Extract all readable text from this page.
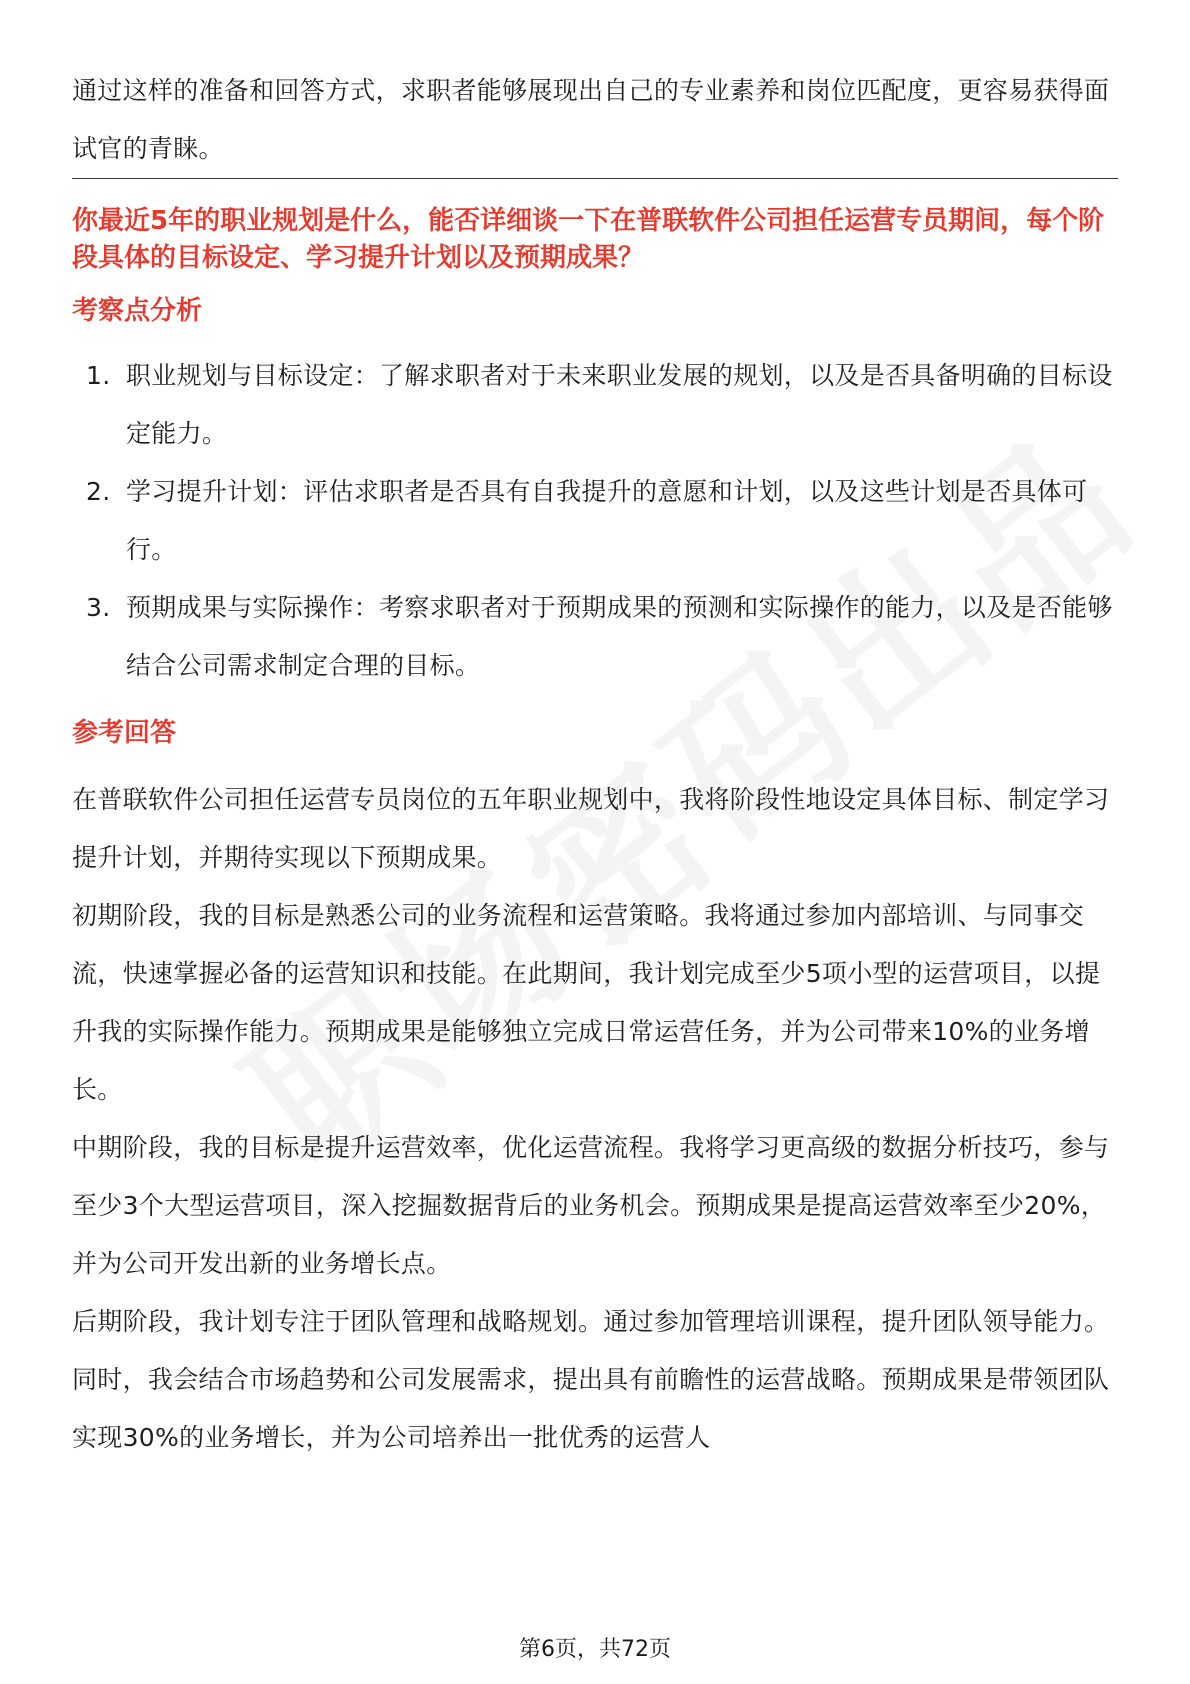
通过这样的准备和回答方式，求职者能够展现出自己的专业素养和岗位匹配度，更容易获得面试官的青睐。

你最近5年的职业规划是什么，能否详细谈一下在普联软件公司担任运营专员期间，每个阶段具体的目标设定、学习提升计划以及预期成果？

考察点分析
1. 职业规划与目标设定：了解求职者对于未来职业发展的规划，以及是否具备明确的目标设定能力。
2. 学习提升计划：评估求职者是否具有自我提升的意愿和计划，以及这些计划是否具体可行。
3. 预期成果与实际操作：考察求职者对于预期成果的预测和实际操作的能力，以及是否能够结合公司需求制定合理的目标。
参考回答

在普联软件公司担任运营专员岗位的五年职业规划中，我将阶段性地设定具体目标、制定学习提升计划，并期待实现以下预期成果。

初期阶段，我的目标是熟悉公司的业务流程和运营策略。我将通过参加内部培训、与同事交流，快速掌握必备的运营知识和技能。在此期间，我计划完成至少5项小型的运营项目，以提升我的实际操作能力。预期成果是能够独立完成日常运营任务，并为公司带来10%的业务增长。

中期阶段，我的目标是提升运营效率，优化运营流程。我将学习更高级的数据分析技巧，参与至少3个大型运营项目，深入挖掘数据背后的业务机会。预期成果是提高运营效率至少20%，并为公司开发出新的业务增长点。

后期阶段，我计划专注于团队管理和战略规划。通过参加管理培训课程，提升团队领导能力。同时，我会结合市场趋势和公司发展需求，提出具有前瞻性的运营战略。预期成果是带领团队实现30%的业务增长，并为公司培养出一批优秀的运营人

第6页，共72页
